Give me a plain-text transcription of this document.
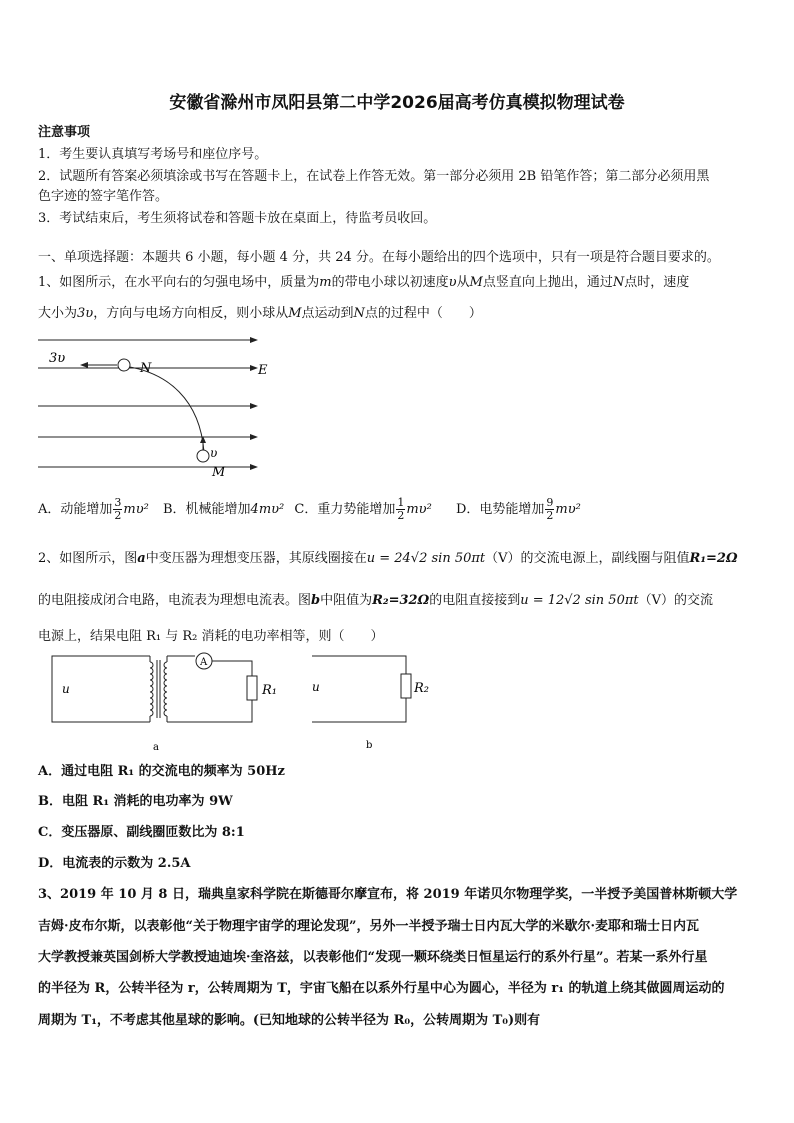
安徽省滁州市凤阳县第二中学2026届高考仿真模拟物理试卷
注意事项
1．考生要认真填写考场号和座位序号。
2．试题所有答案必须填涂或书写在答题卡上，在试卷上作答无效。第一部分必须用 2B 铅笔作答；第二部分必须用黑
色字迹的签字笔作答。
3．考试结束后，考生须将试卷和答题卡放在桌面上，待监考员收回。
一、单项选择题：本题共 6 小题，每小题 4 分，共 24 分。在每小题给出的四个选项中，只有一项是符合题目要求的。
1、如图所示，在水平向右的匀强电场中，质量为m的带电小球以初速度υ从M点竖直向上抛出，通过N点时，速度
大小为3υ，方向与电场方向相反，则小球从M点运动到N点的过程中（　　）
3υ
N	E
υ
M
A．动能增加 $\frac{3}{2} m\upsilon^2$ B．机械能增加4mυ² C．重力势能增加 $\frac{1}{2} m\upsilon^2$ D．电势能增加 $\frac{9}{2} m\upsilon^2$
2、如图所示，图a中变压器为理想变压器，其原线圈接在u = 24√2 sin 50πt（V）的交流电源上，副线圈与阻值R₁=2Ω
的电阻接成闭合电路，电流表为理想电流表。图b中阻值为R₂=32Ω的电阻直接接到u = 12√2 sin 50πt（V）的交流
电源上，结果电阻 R₁ 与 R₂ 消耗的电功率相等，则（　　）
u
A
R₁
a
u	R₂
b
A．通过电阻 R₁ 的交流电的频率为 50Hz
B．电阻 R₁ 消耗的电功率为 9W
C．变压器原、副线圈匝数比为 8:1
D．电流表的示数为 2.5A
3、2019 年 10 月 8 日，瑞典皇家科学院在斯德哥尔摩宣布，将 2019 年诺贝尔物理学奖，一半授予美国普林斯顿大学
吉姆·皮布尔斯，以表彰他“关于物理宇宙学的理论发现”，另外一半授予瑞士日内瓦大学的米歇尔·麦耶和瑞士日内瓦
大学教授兼英国剑桥大学教授迪迪埃·奎洛兹，以表彰他们“发现一颗环绕类日恒星运行的系外行星”。若某一系外行星
的半径为 R，公转半径为 r，公转周期为 T，宇宙飞船在以系外行星中心为圆心，半径为 r₁ 的轨道上绕其做圆周运动的
周期为 T₁，不考虑其他星球的影响。(已知地球的公转半径为 R₀，公转周期为 T₀)则有
